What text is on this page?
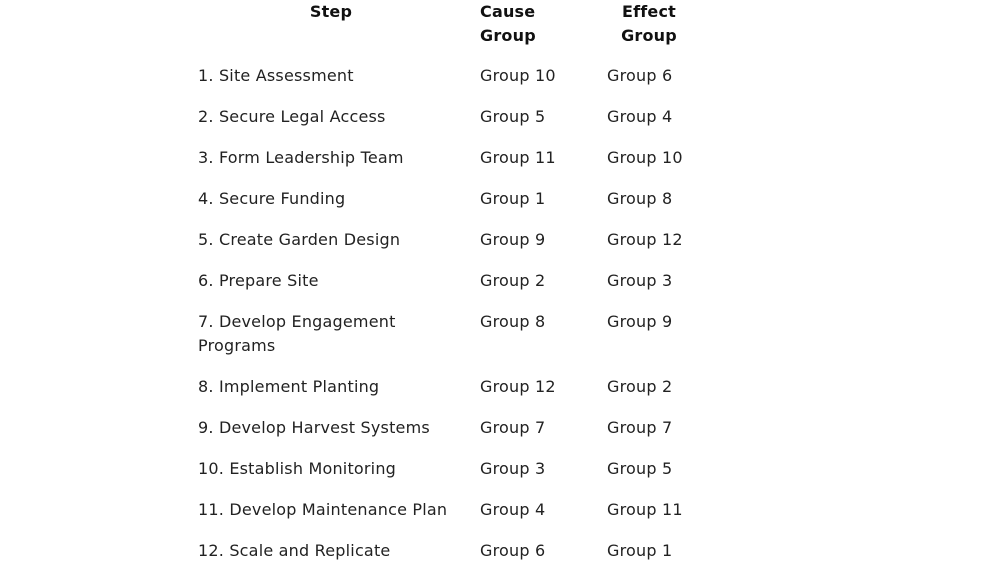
Step	Cause Group	Effect Group
1. Site Assessment	Group 10	Group 6
2. Secure Legal Access	Group 5	Group 4
3. Form Leadership Team	Group 11	Group 10
4. Secure Funding	Group 1	Group 8
5. Create Garden Design	Group 9	Group 12
6. Prepare Site	Group 2	Group 3
7. Develop Engagement Programs	Group 8	Group 9
8. Implement Planting	Group 12	Group 2
9. Develop Harvest Systems	Group 7	Group 7
10. Establish Monitoring	Group 3	Group 5
11. Develop Maintenance Plan	Group 4	Group 11
12. Scale and Replicate	Group 6	Group 1
